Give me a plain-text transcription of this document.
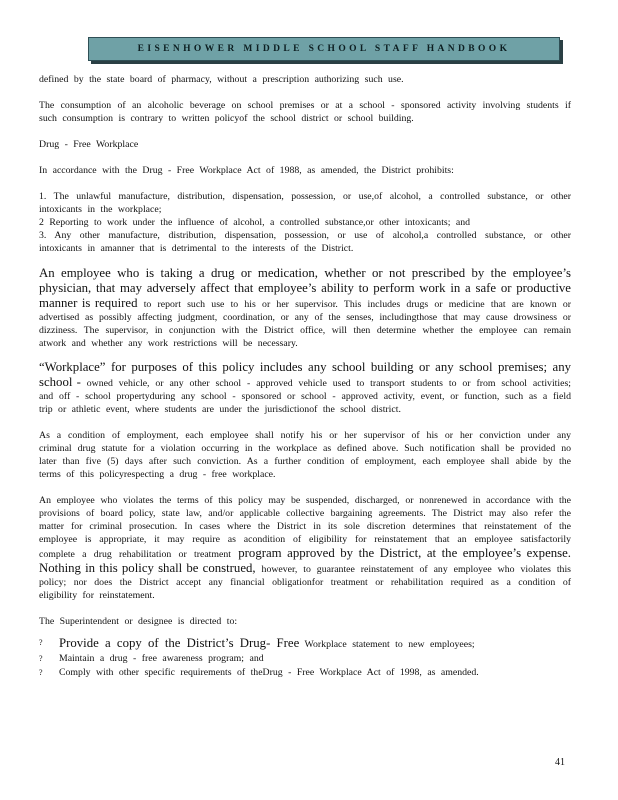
EISENHOWER MIDDLE SCHOOL STAFF HANDBOOK

defined by the state board of pharmacy, without a prescription authorizing such use.

The consumption of an alcoholic beverage on school premises or at a school - sponsored activity involving students if such consumption is contrary to written policyof the school district or school building.

Drug - Free Workplace

In accordance with the Drug - Free Workplace Act of 1988, as amended, the District prohibits:

1. The unlawful manufacture, distribution, dispensation, possession, or use,of alcohol, a controlled substance, or other intoxicants in the workplace;

2 Reporting to work under the influence of alcohol, a controlled substance,or other intoxicants; and

3. Any other manufacture, distribution, dispensation, possession, or use of alcohol,a controlled substance, or other intoxicants in amanner that is detrimental to the interests of the District.

An employee who is taking a drug or medication, whether or not prescribed by the employee’s physician, that may adversely affect that employee’s ability to perform work in a safe or productive manner is required to report such use to his or her supervisor. This includes drugs or medicine that are known or advertised as possibly affecting judgment, coordination, or any of the senses, includingthose that may cause drowsiness or dizziness. The supervisor, in conjunction with the District office, will then determine whether the employee can remain atwork and whether any work restrictions will be necessary.

“Workplace” for purposes of this policy includes any school building or any school premises; any school - owned vehicle, or any other school - approved vehicle used to transport students to or from school activities; and off - school propertyduring any school - sponsored or school - approved activity, event, or function, such as a field trip or athletic event, where students are under the jurisdictionof the school district.

As a condition of employment, each employee shall notify his or her supervisor of his or her conviction under any criminal drug statute for a violation occurring in the workplace as defined above. Such notification shall be provided no later than five (5) days after such conviction. As a further condition of employment, each employee shall abide by the terms of this policyrespecting a drug - free workplace.

An employee who violates the terms of this policy may be suspended, discharged, or nonrenewed in accordance with the provisions of board policy, state law, and/or applicable collective bargaining agreements. The District may also refer the matter for criminal prosecution. In cases where the District in its sole discretion determines that reinstatement of the employee is appropriate, it may require as acondition of eligibility for reinstatement that an employee satisfactorily complete a drug rehabilitation or treatment program approved by the District, at the employee’s expense. Nothing in this policy shall be construed, however, to guarantee reinstatement of any employee who violates this policy; nor does the District accept any financial obligationfor treatment or rehabilitation required as a condition of eligibility for reinstatement.

The Superintendent or designee is directed to:

? Provide a copy of the District’s Drug- Free Workplace statement to new employees;
? Maintain a drug - free awareness program; and
? Comply with other specific requirements of theDrug - Free Workplace Act of 1998, as amended.
41
